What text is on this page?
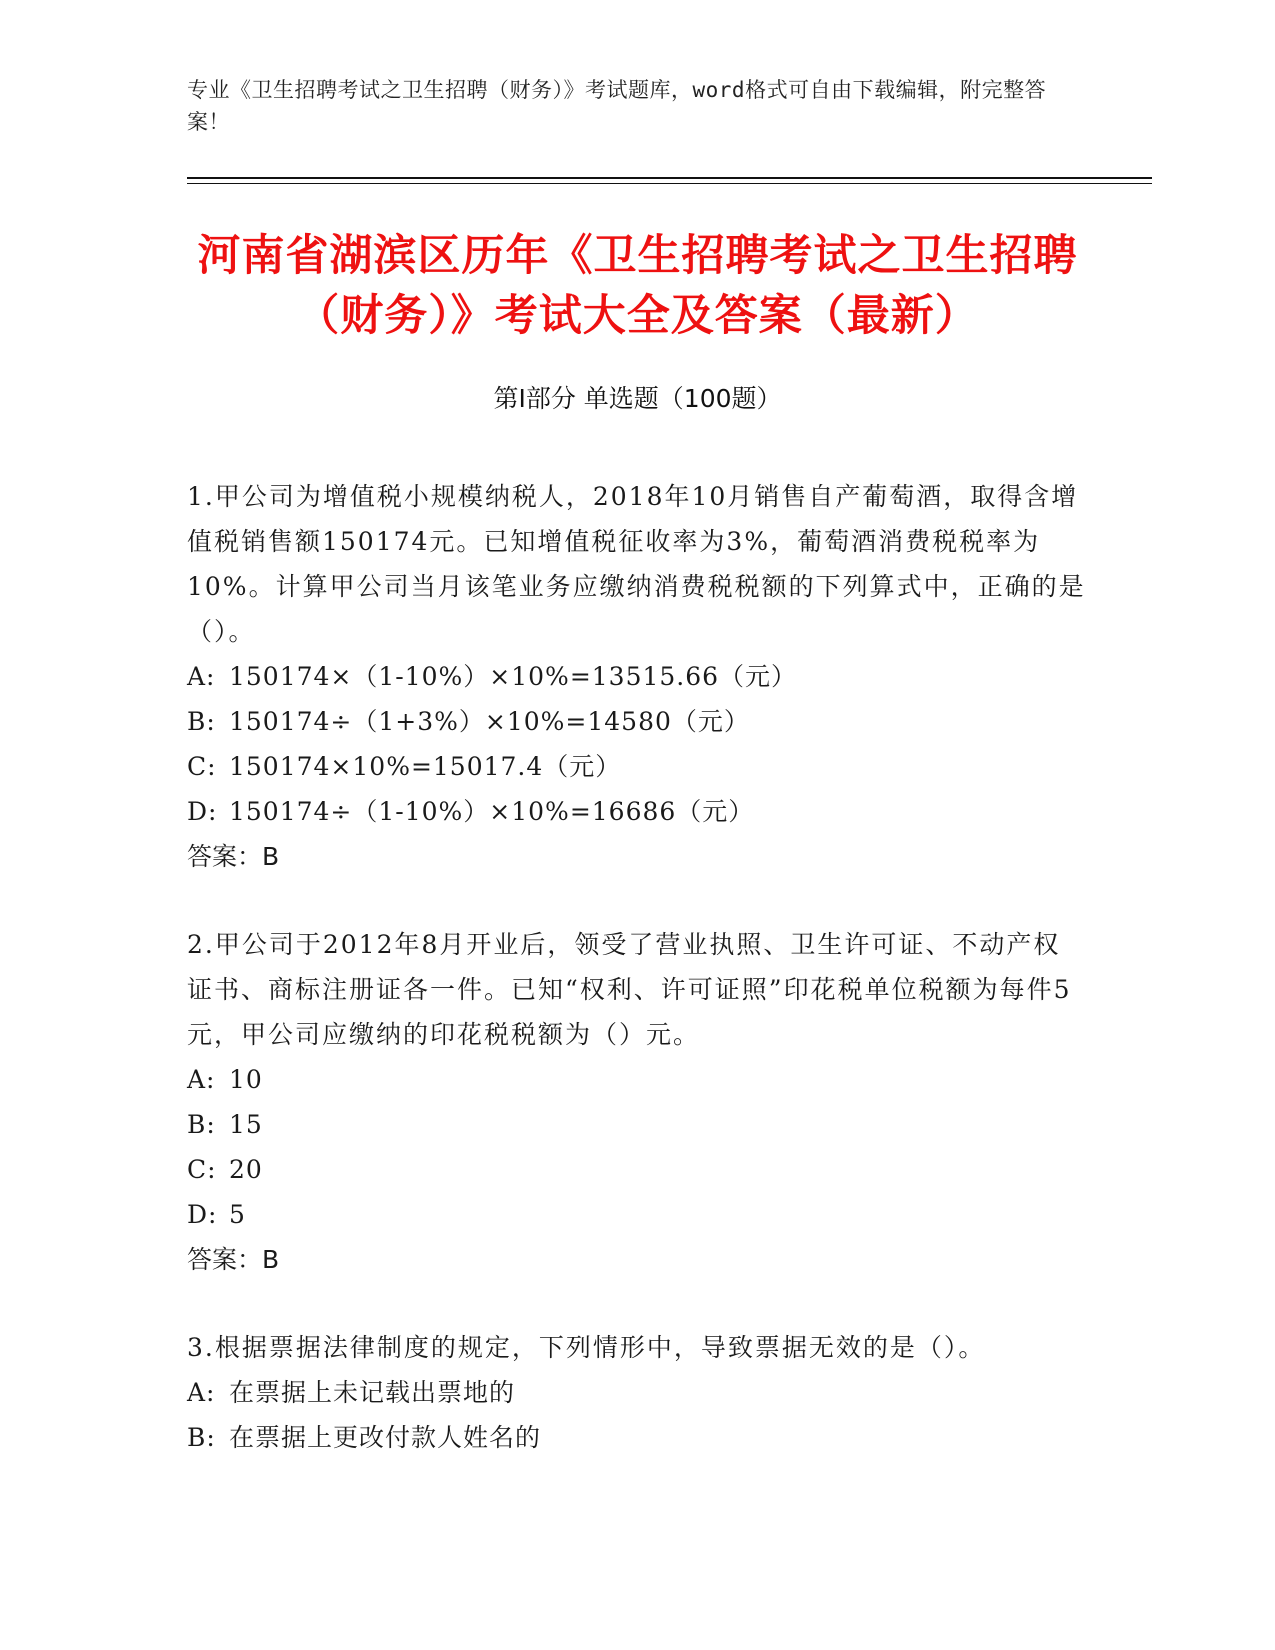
专业《卫生招聘考试之卫生招聘（财务）》考试题库，word格式可自由下载编辑，附完整答案！
河南省湖滨区历年《卫生招聘考试之卫生招聘（财务）》考试大全及答案（最新）
第Ⅰ部分 单选题（100题）
1.甲公司为增值税小规模纳税人，2018年10月销售自产葡萄酒，取得含增值税销售额150174元。已知增值税征收率为3%，葡萄酒消费税税率为10%。计算甲公司当月该笔业务应缴纳消费税税额的下列算式中，正确的是（）。
A: 150174×（1-10%）×10%=13515.66（元）
B: 150174÷（1+3%）×10%=14580（元）
C: 150174×10%=15017.4（元）
D: 150174÷（1-10%）×10%=16686（元）
答案：B
2.甲公司于2012年8月开业后，领受了营业执照、卫生许可证、不动产权证书、商标注册证各一件。已知“权利、许可证照”印花税单位税额为每件5元，甲公司应缴纳的印花税税额为（）元。
A: 10
B: 15
C: 20
D: 5
答案：B
3.根据票据法律制度的规定，下列情形中，导致票据无效的是（）。
A: 在票据上未记载出票地的
B: 在票据上更改付款人姓名的
